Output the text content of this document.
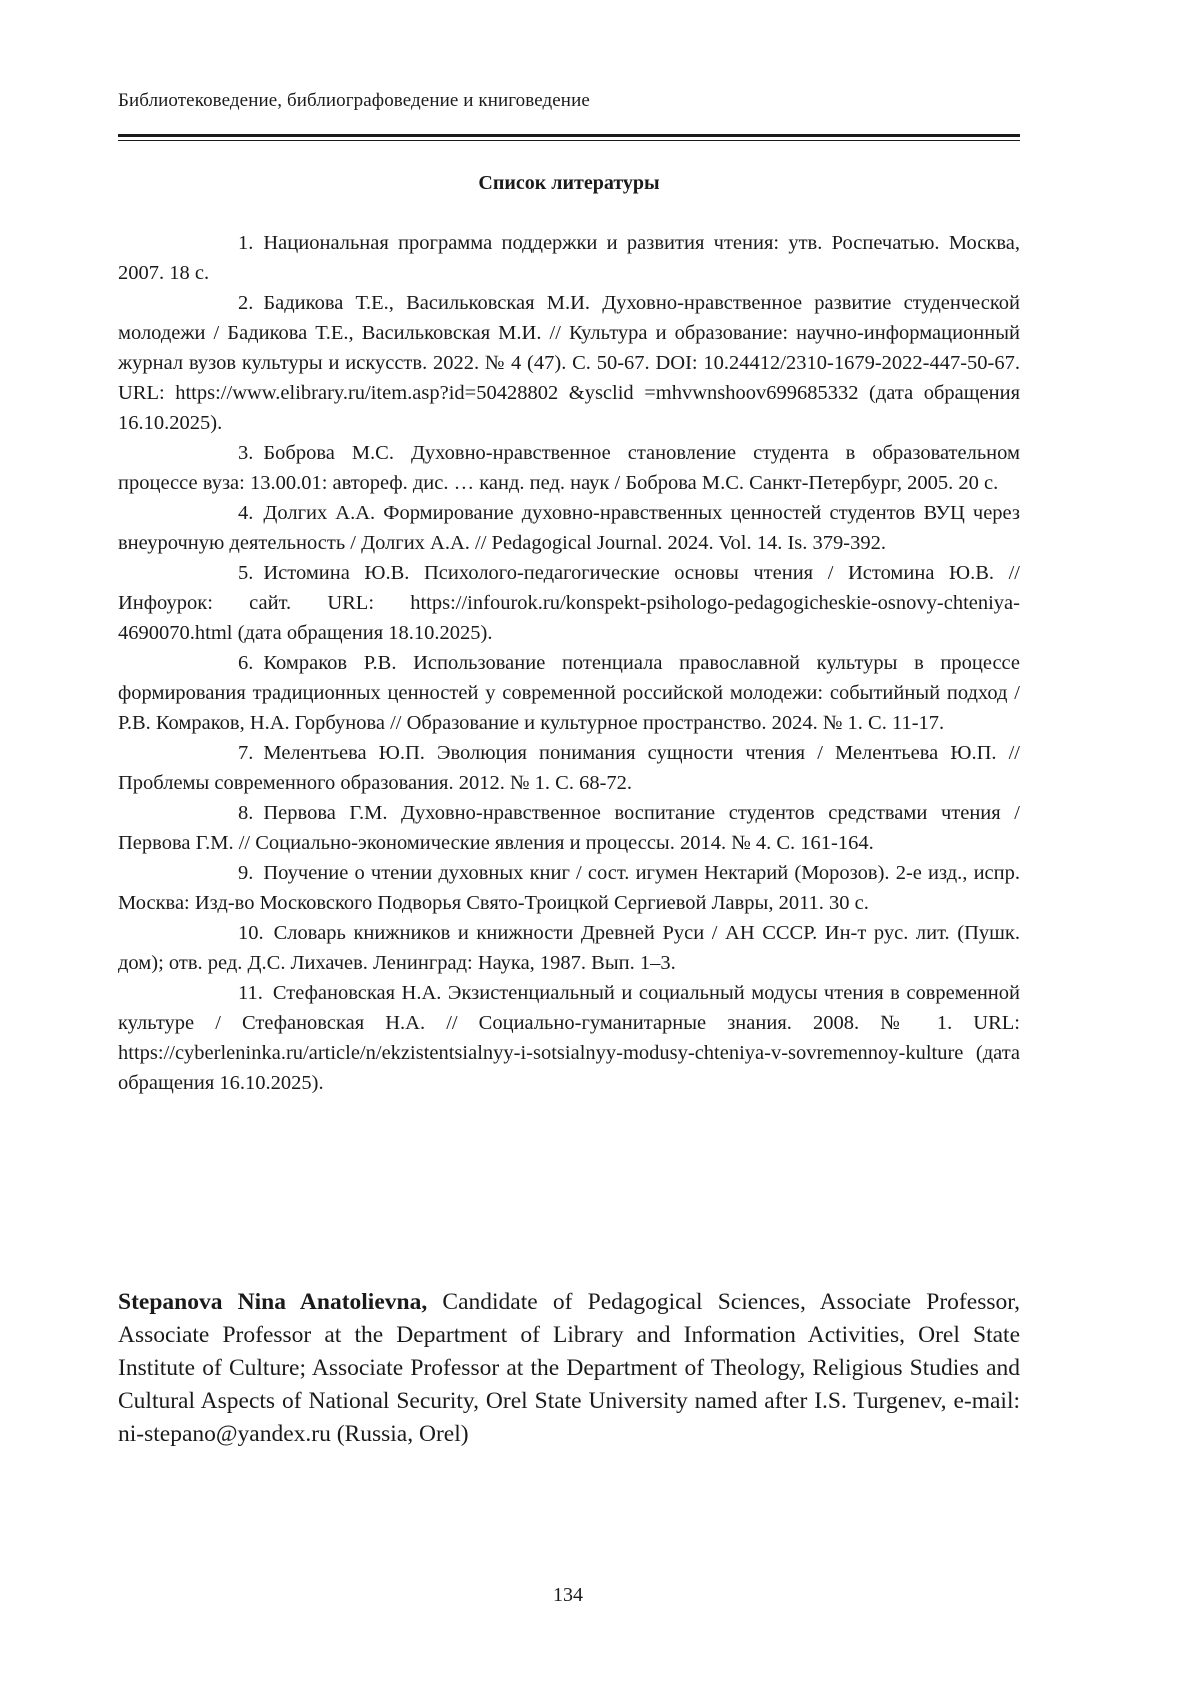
Библиотековедение, библиографоведение и книговедение
Список литературы
1. Национальная программа поддержки и развития чтения: утв. Роспечатью. Москва, 2007. 18 с.
2. Бадикова Т.Е., Васильковская М.И. Духовно-нравственное развитие студенческой молодежи / Бадикова Т.Е., Васильковская М.И. // Культура и образование: научно-информационный журнал вузов культуры и искусств. 2022. № 4 (47). С. 50-67. DOI: 10.24412/2310-1679-2022-447-50-67. URL: https://www.elibrary.ru/item.asp?id=50428802 &ysclid =mhvwnshoov699685332 (дата обращения 16.10.2025).
3. Боброва М.С. Духовно-нравственное становление студента в образовательном процессе вуза: 13.00.01: автореф. дис. … канд. пед. наук / Боброва М.С. Санкт-Петербург, 2005. 20 с.
4. Долгих А.А. Формирование духовно-нравственных ценностей студентов ВУЦ через внеурочную деятельность / Долгих А.А. // Pedagogical Journal. 2024. Vol. 14. Is. 379-392.
5. Истомина Ю.В. Психолого-педагогические основы чтения / Истомина Ю.В. // Инфоурок: сайт. URL: https://infourok.ru/konspekt-psihologo-pedagogicheskie-osnovy-chteniya-4690070.html (дата обращения 18.10.2025).
6. Комраков Р.В. Использование потенциала православной культуры в процессе формирования традиционных ценностей у современной российской молодежи: событийный подход / Р.В. Комраков, Н.А. Горбунова // Образование и культурное пространство. 2024. № 1. С. 11-17.
7. Мелентьева Ю.П. Эволюция понимания сущности чтения / Мелентьева Ю.П. // Проблемы современного образования. 2012. № 1. С. 68-72.
8. Первова Г.М. Духовно-нравственное воспитание студентов средствами чтения / Первова Г.М. // Социально-экономические явления и процессы. 2014. № 4. С. 161-164.
9. Поучение о чтении духовных книг / сост. игумен Нектарий (Морозов). 2-е изд., испр. Москва: Изд-во Московского Подворья Свято-Троицкой Сергиевой Лавры, 2011. 30 с.
10. Словарь книжников и книжности Древней Руси / АН СССР. Ин-т рус. лит. (Пушк. дом); отв. ред. Д.С. Лихачев. Ленинград: Наука, 1987. Вып. 1–3.
11. Стефановская Н.А. Экзистенциальный и социальный модусы чтения в современной культуре / Стефановская Н.А. // Социально-гуманитарные знания. 2008. № 1. URL: https://cyberleninka.ru/article/n/ekzistentsialnyy-i-sotsialnyy-modusy-chteniya-v-sovremennoy-kulture (дата обращения 16.10.2025).
Stepanova Nina Anatolievna, Candidate of Pedagogical Sciences, Associate Professor, Associate Professor at the Department of Library and Information Activities, Orel State Institute of Culture; Associate Professor at the Department of Theology, Religious Studies and Cultural Aspects of National Security, Orel State University named after I.S. Turgenev, e-mail: ni-stepano@yandex.ru (Russia, Orel)
134
